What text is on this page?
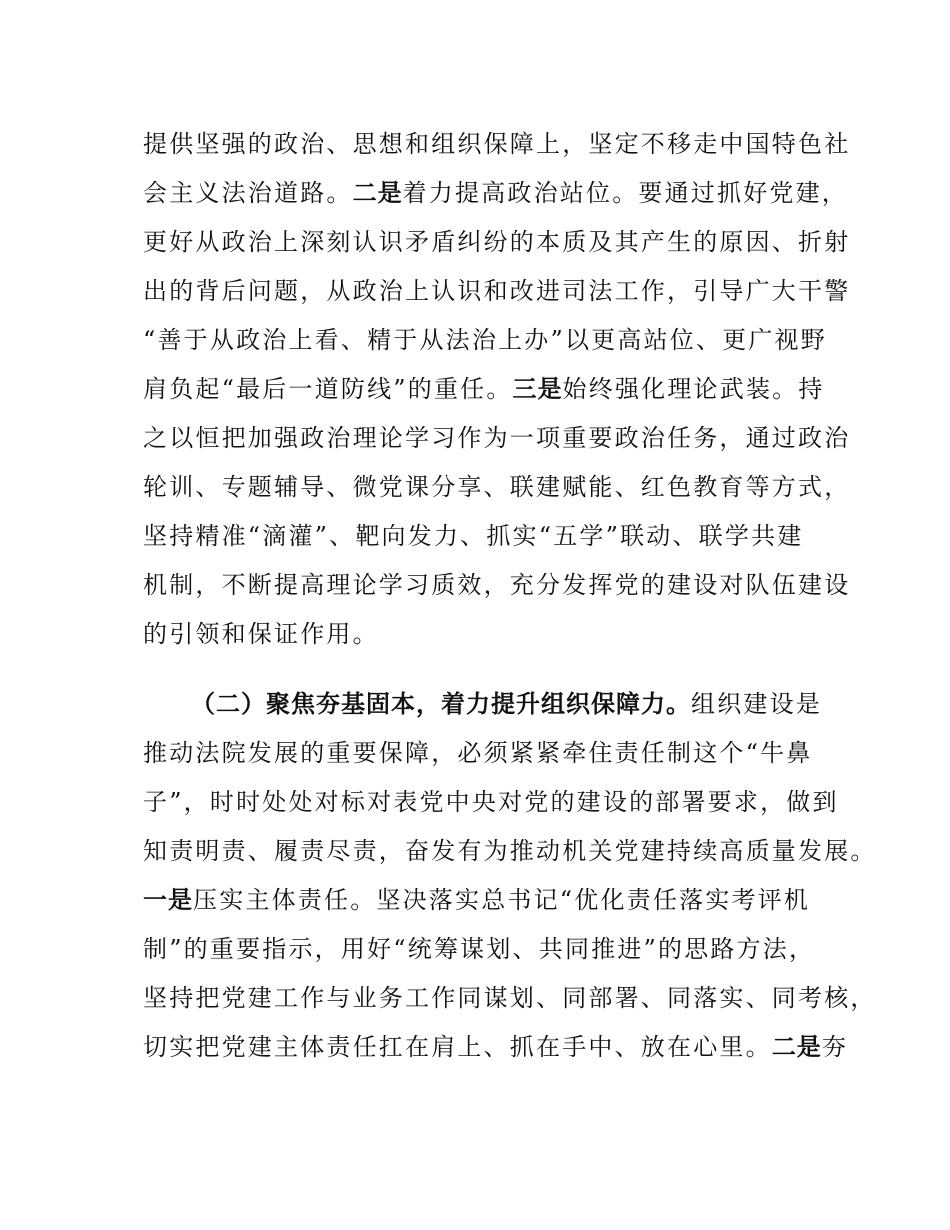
提供坚强的政治、思想和组织保障上，坚定不移走中国特色社
会主义法治道路。二是着力提高政治站位。要通过抓好党建，
更好从政治上深刻认识矛盾纠纷的本质及其产生的原因、折射
出的背后问题，从政治上认识和改进司法工作，引导广大干警
“善于从政治上看、精于从法治上办”以更高站位、更广视野
肩负起“最后一道防线”的重任。三是始终强化理论武装。持
之以恒把加强政治理论学习作为一项重要政治任务，通过政治
轮训、专题辅导、微党课分享、联建赋能、红色教育等方式，
坚持精准“滴灌”、靶向发力、抓实“五学”联动、联学共建
机制，不断提高理论学习质效，充分发挥党的建设对队伍建设
的引领和保证作用。
（二）聚焦夯基固本，着力提升组织保障力。组织建设是
推动法院发展的重要保障，必须紧紧牵住责任制这个“牛鼻
子”，时时处处对标对表党中央对党的建设的部署要求，做到
知责明责、履责尽责，奋发有为推动机关党建持续高质量发展。
一是压实主体责任。坚决落实总书记“优化责任落实考评机
制”的重要指示，用好“统筹谋划、共同推进”的思路方法，
坚持把党建工作与业务工作同谋划、同部署、同落实、同考核，
切实把党建主体责任扛在肩上、抓在手中、放在心里。二是夯
